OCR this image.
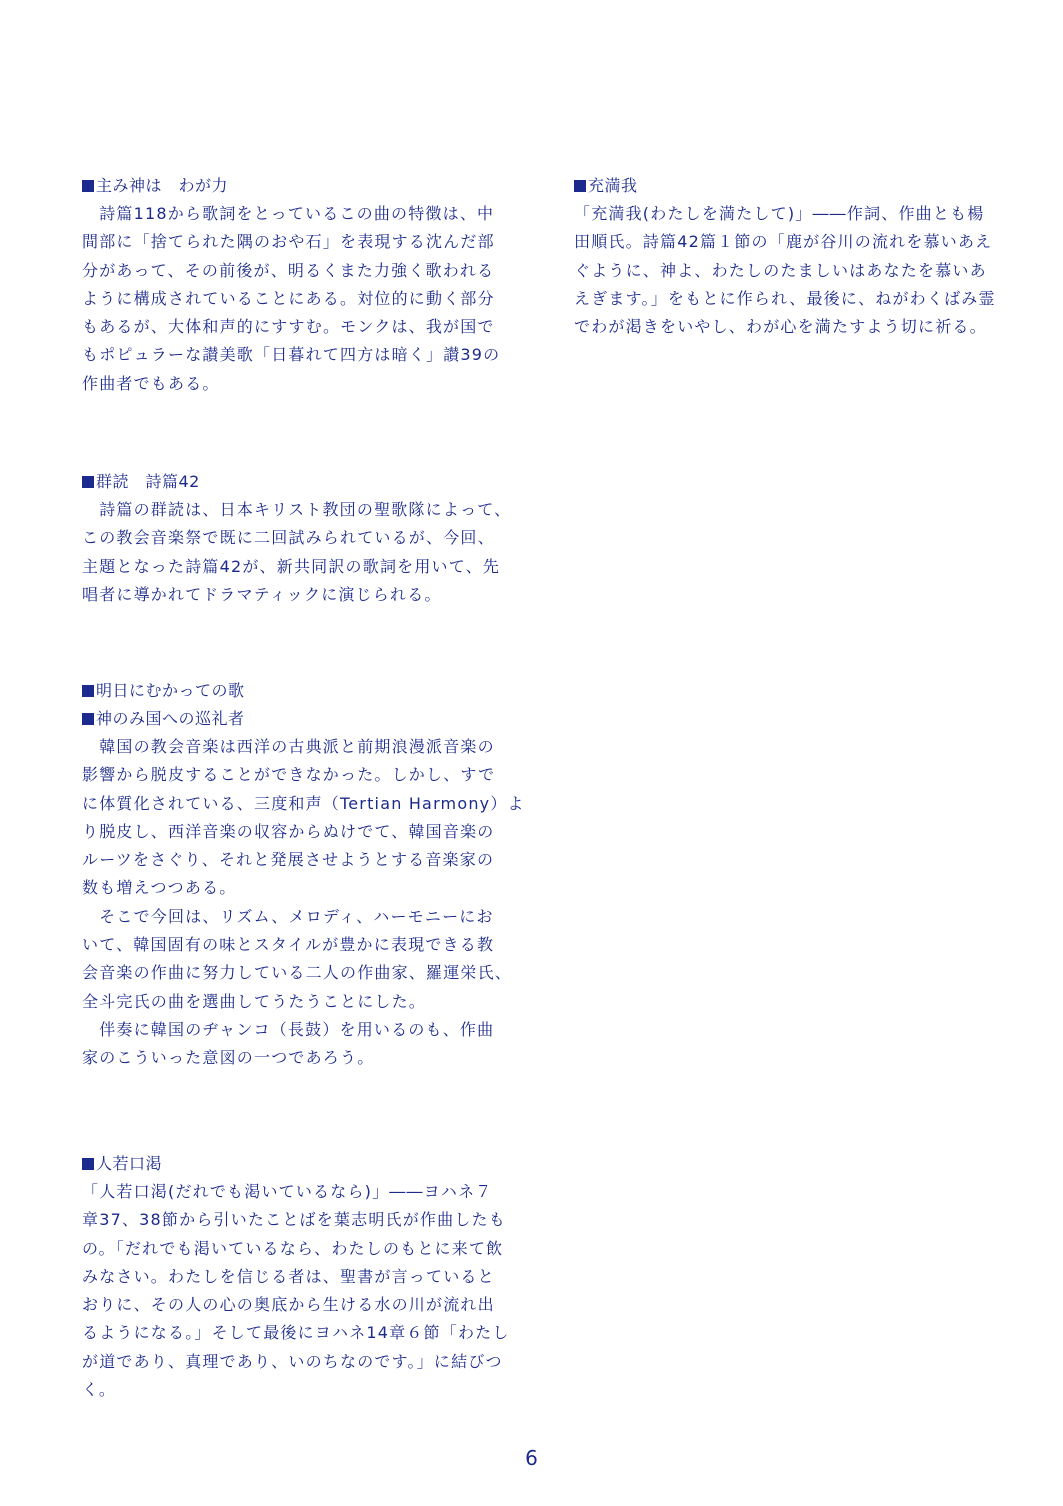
主み神は　わが力
　詩篇118から歌詞をとっているこの曲の特徴は、中
間部に「捨てられた隅のおや石」を表現する沈んだ部
分があって、その前後が、明るくまた力強く歌われる
ように構成されていることにある。対位的に動く部分
もあるが、大体和声的にすすむ。モンクは、我が国で
もポピュラーな讃美歌「日暮れて四方は暗く」讃39の
作曲者でもある。
群読　詩篇42
　詩篇の群読は、日本キリスト教団の聖歌隊によって、
この教会音楽祭で既に二回試みられているが、今回、
主題となった詩篇42が、新共同訳の歌詞を用いて、先
唱者に導かれてドラマティックに演じられる。
明日にむかっての歌
神のみ国への巡礼者
　韓国の教会音楽は西洋の古典派と前期浪漫派音楽の
影響から脱皮することができなかった。しかし、すで
に体質化されている、三度和声（Tertian Harmony）よ
り脱皮し、西洋音楽の収容からぬけでて、韓国音楽の
ルーツをさぐり、それと発展させようとする音楽家の
数も増えつつある。
　そこで今回は、リズム、メロディ、ハーモニーにお
いて、韓国固有の味とスタイルが豊かに表現できる教
会音楽の作曲に努力している二人の作曲家、羅運栄氏、
全斗完氏の曲を選曲してうたうことにした。
　伴奏に韓国のヂャンコ（長鼓）を用いるのも、作曲
家のこういった意図の一つであろう。
人若口渇
「人若口渇(だれでも渇いているなら)」――ヨハネ７
章37、38節から引いたことばを葉志明氏が作曲したも
の。「だれでも渇いているなら、わたしのもとに来て飲
みなさい。わたしを信じる者は、聖書が言っていると
おりに、その人の心の奥底から生ける水の川が流れ出
るようになる。」そして最後にヨハネ14章６節「わたし
が道であり、真理であり、いのちなのです。」に結びつ
く。
充満我
「充満我(わたしを満たして)」――作詞、作曲とも楊
田順氏。詩篇42篇１節の「鹿が谷川の流れを慕いあえ
ぐように、神よ、わたしのたましいはあなたを慕いあ
えぎます。」をもとに作られ、最後に、ねがわくばみ霊
でわが渇きをいやし、わが心を満たすよう切に祈る。
6
